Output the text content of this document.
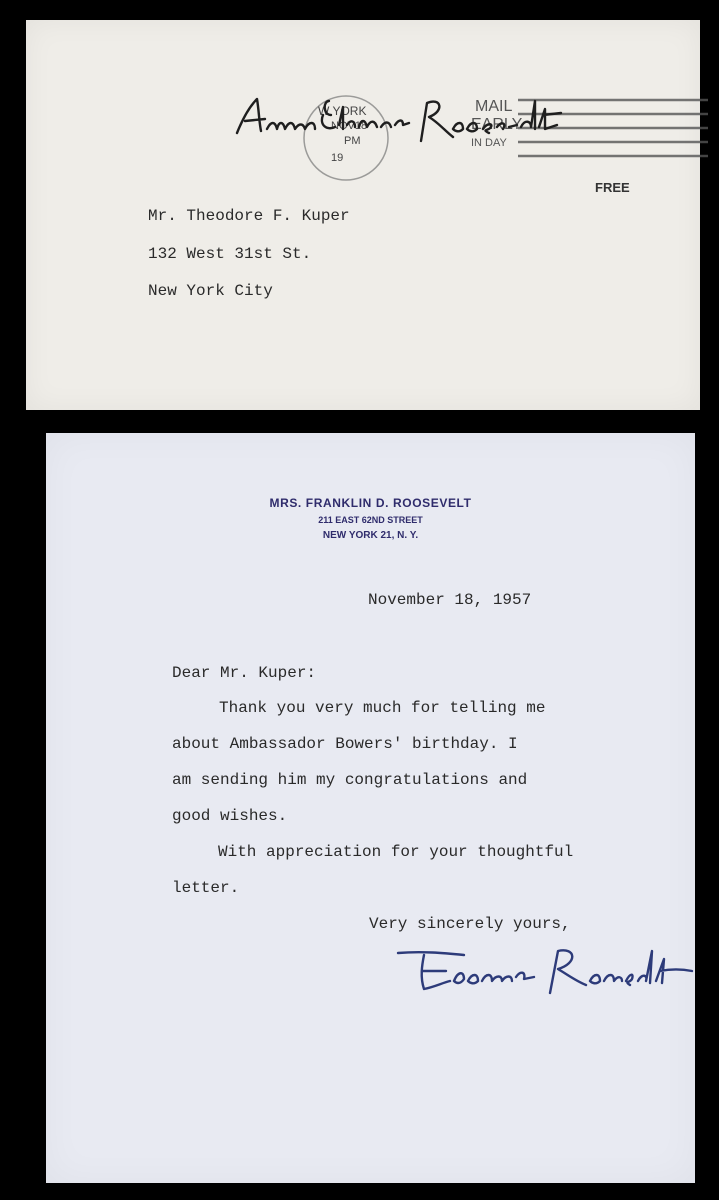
W YORK
NOV18
PM
19
MAIL
EARLY
IN DAY
FREE
Mr. Theodore F. Kuper
132 West 31st St.
New York City
MRS. FRANKLIN D. ROOSEVELT
211 EAST 62ND STREET
NEW YORK 21, N. Y.
November 18, 1957
Dear Mr. Kuper:
Thank you very much for telling me
about Ambassador Bowers' birthday. I
am sending him my congratulations and
good wishes.
With appreciation for your thoughtful
letter.
Very sincerely yours,
